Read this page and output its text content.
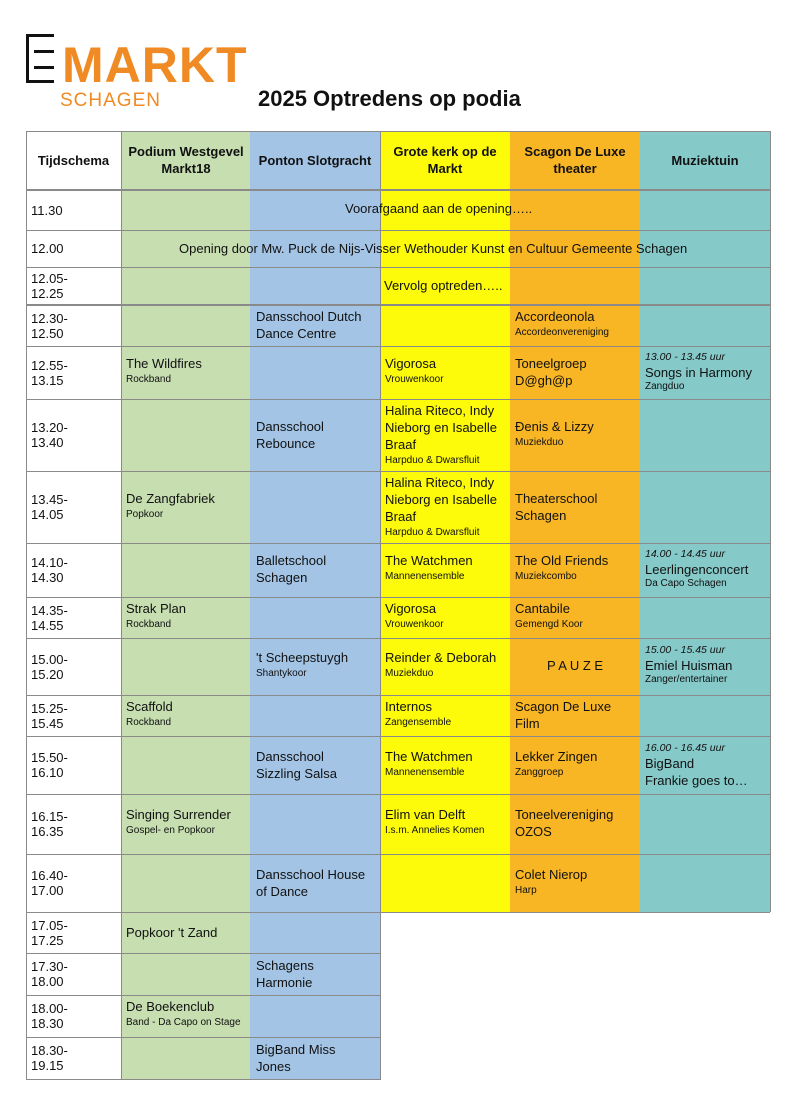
MARKT
SCHAGEN	2025 Optredens op podia
Tijdschema
Podium Westgevel Markt18
Ponton Slotgracht
Grote kerk op de Markt
Scagon De Luxe theater
Muziektuin
11.30
12.00
12.05-12.25
12.30-12.50
12.55-13.15
13.20-13.40
13.45-14.05
14.10-14.30
14.35-14.55
15.00-15.20
15.25-15.45
15.50-16.10
16.15-16.35
16.40-17.00
17.05-17.25
17.30-18.00
18.00-18.30
18.30-19.15
Voorafgaand aan de opening…..
Opening door Mw. Puck de Nijs-Visser Wethouder Kunst en Cultuur Gemeente Schagen
Vervolg optreden…..
Dansschool Dutch Dance Centre
Accordeonola
Accordeonvereniging
The Wildfires
Rockband
Vigorosa
Vrouwenkoor
Toneelgroep D@gh@p
13.00 - 13.45 uur
Songs in Harmony
Zangduo
Dansschool Rebounce
Halina Riteco, Indy Nieborg en Isabelle Braaf
Harpduo & Dwarsfluit
Đenis & Lizzy
Muziekduo
De Zangfabriek
Popkoor
Halina Riteco, Indy Nieborg en Isabelle Braaf
Harpduo & Dwarsfluit
Theaterschool Schagen
Balletschool Schagen
The Watchmen
Mannenensemble
The Old Friends
Muziekcombo
14.00 - 14.45 uur
Leerlingenconcert
Da Capo Schagen
Strak Plan
Rockband
Vigorosa
Vrouwenkoor
Cantabile
Gemengd Koor
't Scheepstuygh
Shantykoor
Reinder & Deborah
Muziekduo
P A U Z E
15.00 - 15.45 uur
Emiel Huisman
Zanger/entertainer
Scaffold
Rockband
Internos
Zangensemble
Scagon De Luxe Film
Dansschool Sizzling Salsa
The Watchmen
Mannenensemble
Lekker Zingen
Zanggroep
16.00 - 16.45 uur
BigBand
Frankie goes to…
Singing Surrender
Gospel- en Popkoor
Elim van Delft
I.s.m. Annelies Komen
Toneelvereniging OZOS
Dansschool House of Dance
Colet Nierop
Harp
Popkoor 't Zand
Schagens Harmonie
De Boekenclub
Band - Da Capo on Stage
BigBand Miss Jones
